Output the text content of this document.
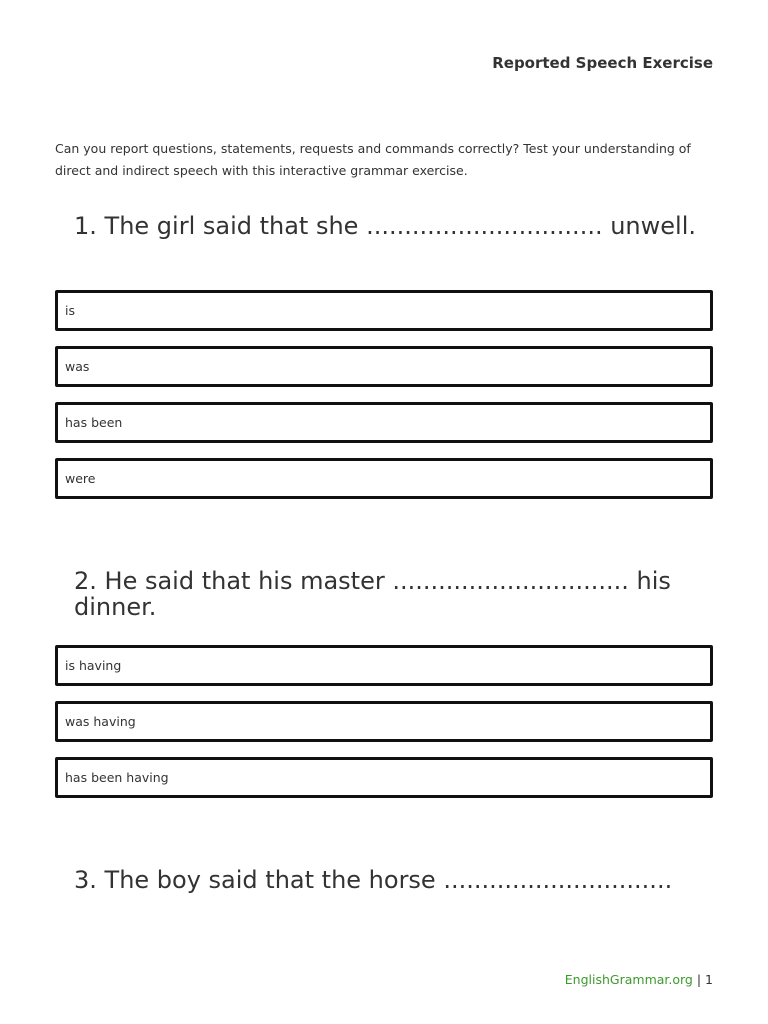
Reported Speech Exercise

Can you report questions, statements, requests and commands correctly? Test your understanding of direct and indirect speech with this interactive grammar exercise.

1. The girl said that she ............................... unwell.
is
was
has been
were
2. He said that his master ............................... his dinner.
is having
was having
has been having
3. The boy said that the horse ..............................
EnglishGrammar.org | 1
